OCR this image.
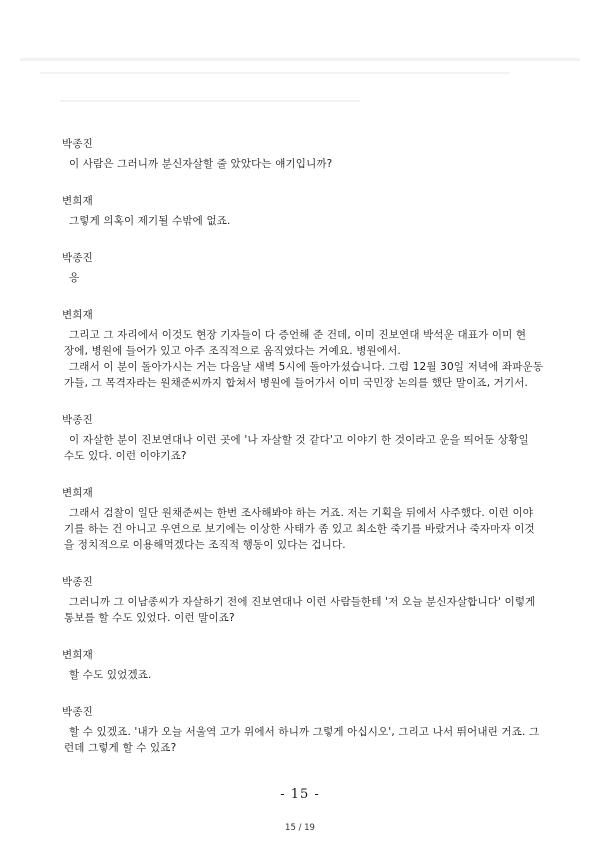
박종진
이 사람은 그러니까 분신자살할 줄 았았다는 얘기입니까?
변희재
그렇게 의혹이 제기될 수밖에 없죠.
박종진
응
변희재
그리고 그 자리에서 이것도 현장 기자들이 다 증언해 준 건데, 이미 진보연대 박석운 대표가 이미 현
장에, 병원에 들어가 있고 아주 조직적으로 움직였다는 거예요. 병원에서.
그래서 이 분이 돌아가시는 거는 다음날 새벽 5시에 돌아가셨습니다. 그럼 12월 30일 저녁에 좌파운동
가들, 그 목격자라는 원채준씨까지 합쳐서 병원에 들어가서 이미 국민장 논의를 했단 말이죠, 거기서.
박종진
이 자살한 분이 진보연대나 이런 곳에 '나 자살할 것 같다'고 이야기 한 것이라고 운을 띄어둔 상황일
수도 있다. 이런 이야기죠?
변희재
그래서 검찰이 일단 원채준씨는 한번 조사해봐야 하는 거죠. 저는 기획을 뒤에서 사주했다. 이런 이야
기를 하는 건 아니고 우연으로 보기에는 이상한 사태가 좀 있고 최소한 죽기를 바랐거나 죽자마자 이것
을 정치적으로 이용해먹겠다는 조직적 행동이 있다는 겁니다.
박종진
그러니까 그 이남종씨가 자살하기 전에 진보연대나 이런 사람들한테 '저 오늘 분신자살합니다' 이렇게
통보를 할 수도 있었다. 이런 말이죠?
변희재
할 수도 있었겠죠.
박종진
할 수 있겠죠. '내가 오늘 서울역 고가 위에서 하니까 그렇게 아십시오', 그리고 나서 뛰어내린 거죠. 그
런데 그렇게 할 수 있죠?
- 15 -
15 / 19
